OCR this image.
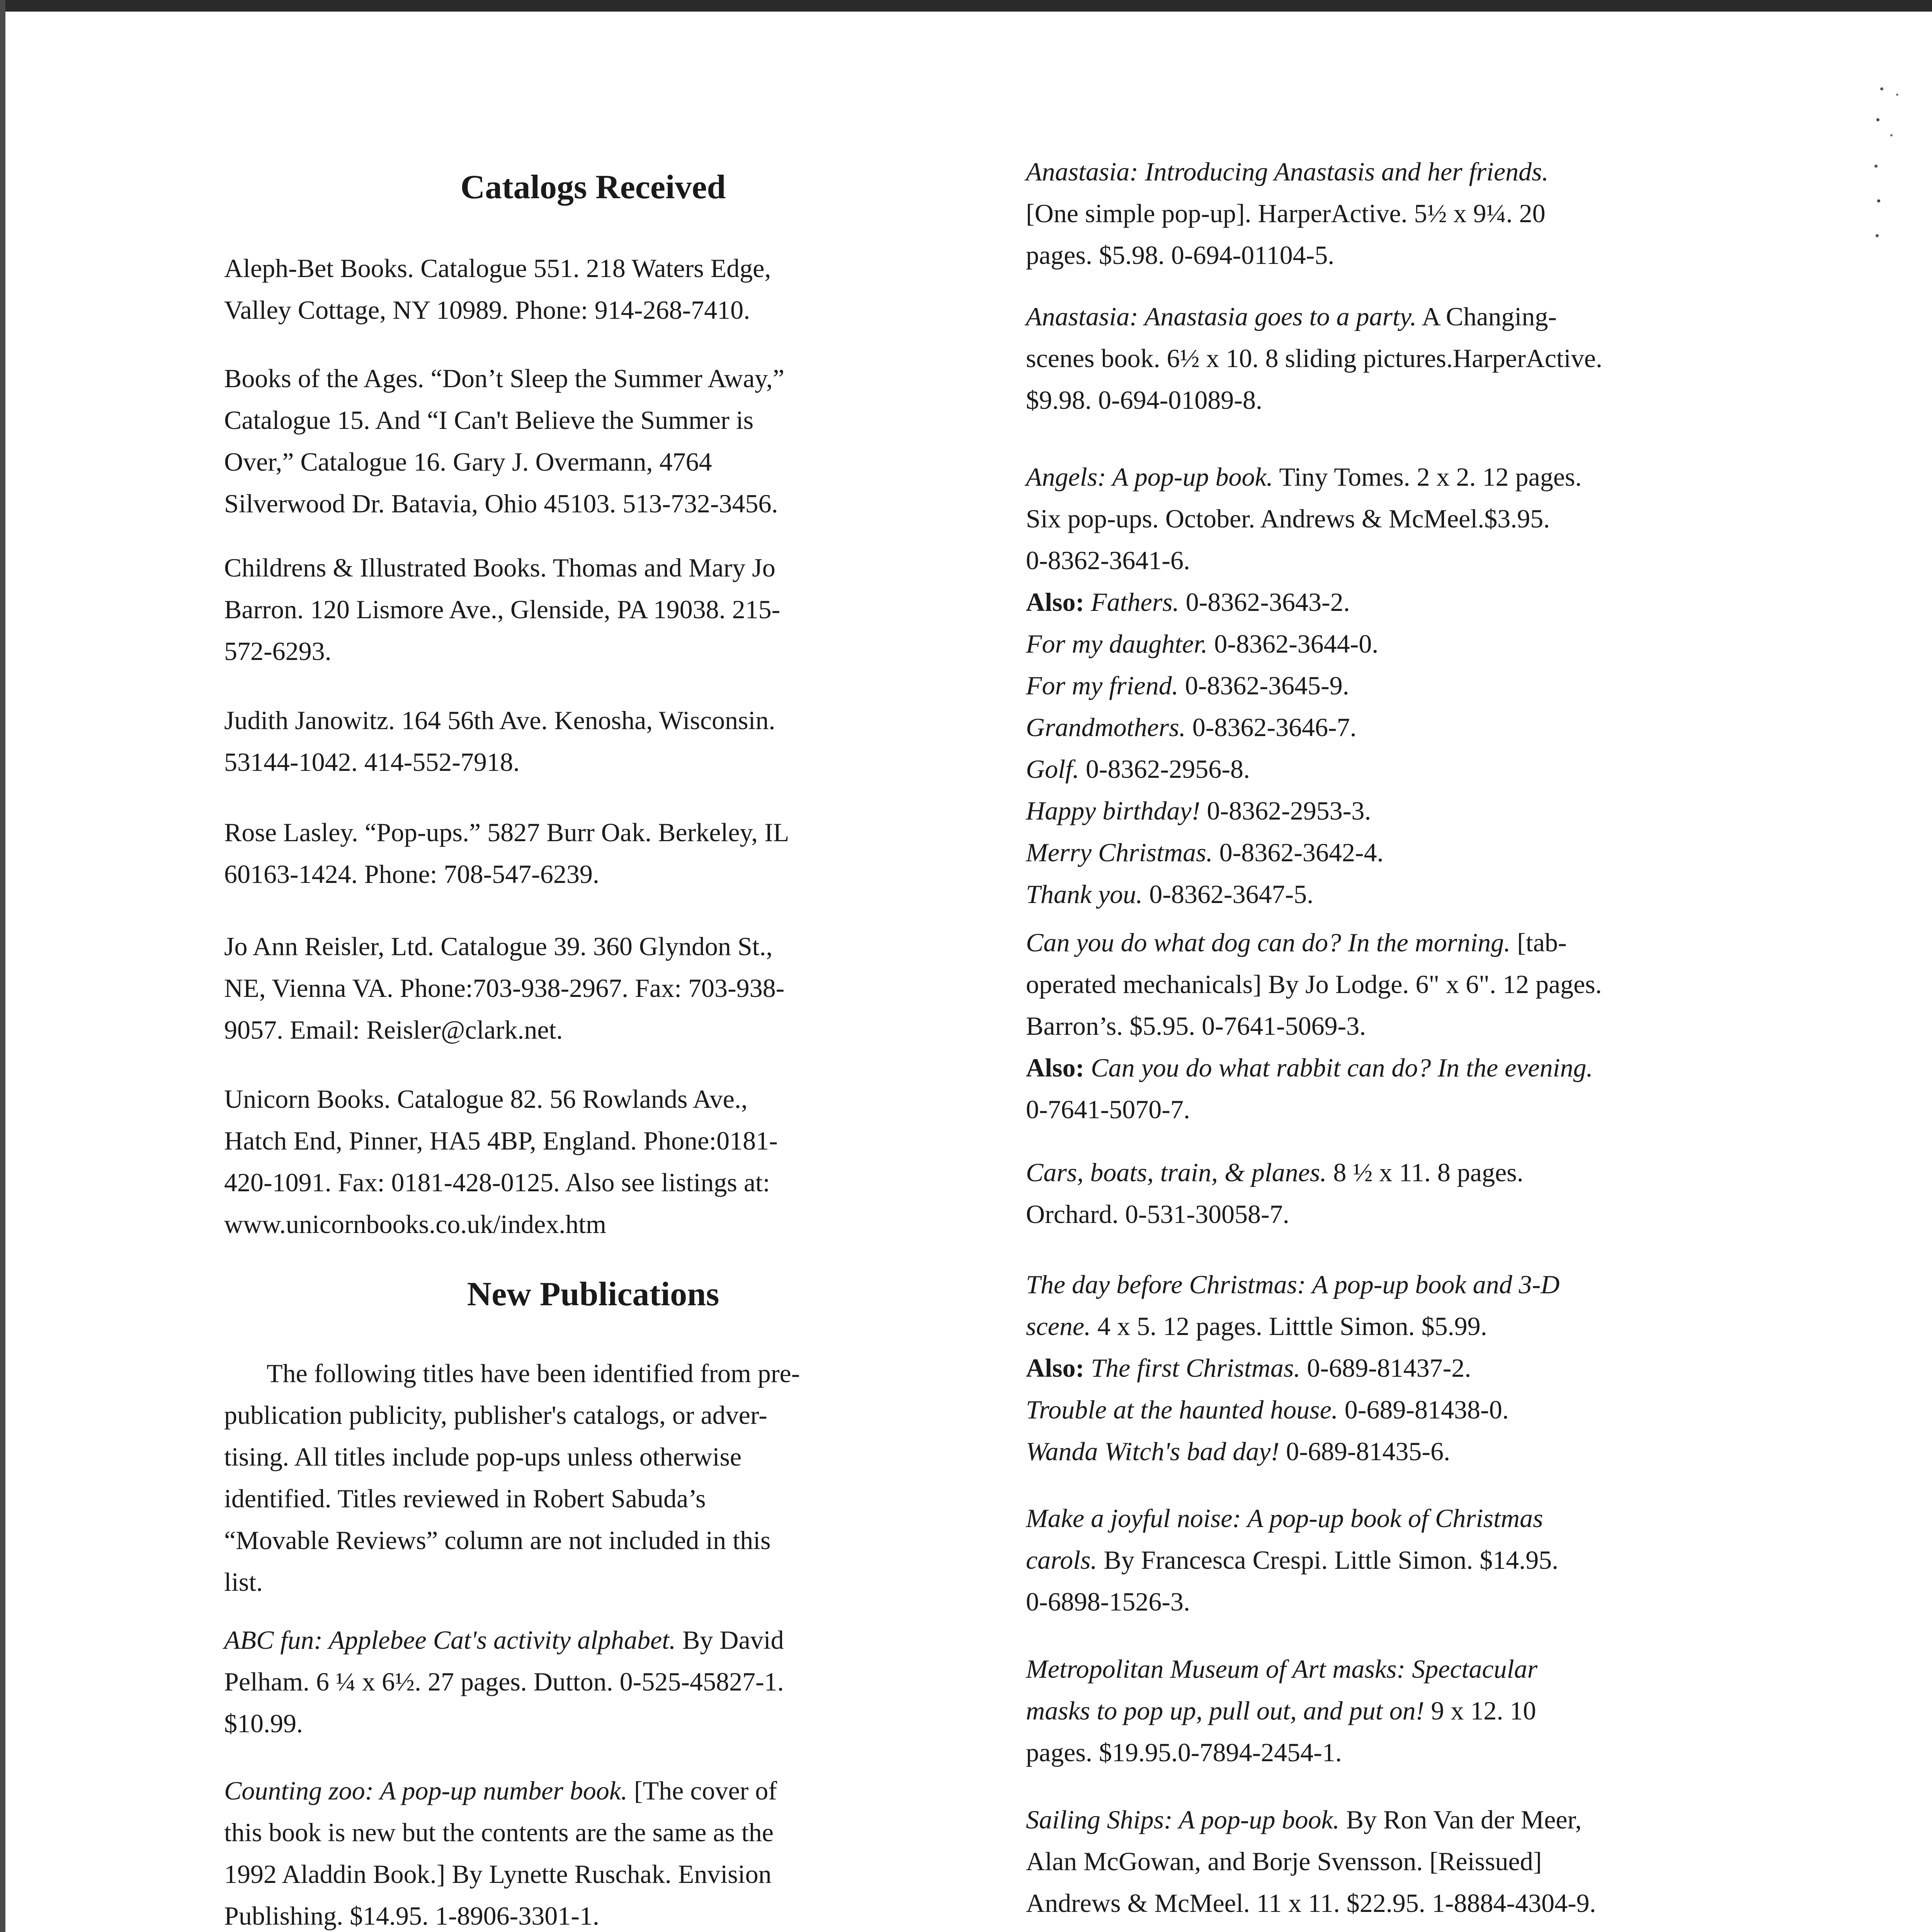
Catalogs Received
Aleph-Bet Books. Catalogue 551. 218 Waters Edge,
Valley Cottage, NY 10989. Phone: 914-268-7410.
Books of the Ages. “Don’t Sleep the Summer Away,”
Catalogue 15. And “I Can't Believe the Summer is
Over,” Catalogue 16. Gary J. Overmann, 4764
Silverwood Dr. Batavia, Ohio 45103. 513-732-3456.
Childrens & Illustrated Books. Thomas and Mary Jo
Barron. 120 Lismore Ave., Glenside, PA 19038. 215-
572-6293.
Judith Janowitz. 164 56th Ave. Kenosha, Wisconsin.
53144-1042. 414-552-7918.
Rose Lasley. “Pop-ups.” 5827 Burr Oak. Berkeley, IL
60163-1424. Phone: 708-547-6239.
Jo Ann Reisler, Ltd. Catalogue 39. 360 Glyndon St.,
NE, Vienna VA. Phone:703-938-2967. Fax: 703-938-
9057. Email: Reisler@clark.net.
Unicorn Books. Catalogue 82. 56 Rowlands Ave.,
Hatch End, Pinner, HA5 4BP, England. Phone:0181-
420-1091. Fax: 0181-428-0125. Also see listings at:
www.unicornbooks.co.uk/index.htm
New Publications
The following titles have been identified from pre-
publication publicity, publisher's catalogs, or adver-
tising. All titles include pop-ups unless otherwise
identified. Titles reviewed in Robert Sabuda’s
“Movable Reviews” column are not included in this
list.
ABC fun: Applebee Cat's activity alphabet. By David
Pelham. 6 ¼ x 6½. 27 pages. Dutton. 0-525-45827-1.
$10.99.
Counting zoo: A pop-up number book. [The cover of
this book is new but the contents are the same as the
1992 Aladdin Book.] By Lynette Ruschak. Envision
Publishing. $14.95. 1-8906-3301-1.
Anastasia: Introducing Anastasis and her friends.
[One simple pop-up]. HarperActive. 5½ x 9¼. 20
pages. $5.98. 0-694-01104-5.
Anastasia: Anastasia goes to a party. A Changing-
scenes book. 6½ x 10. 8 sliding pictures.HarperActive.
$9.98. 0-694-01089-8.
Angels: A pop-up book. Tiny Tomes. 2 x 2. 12 pages.
Six pop-ups. October. Andrews & McMeel.$3.95.
0-8362-3641-6.
Also: Fathers. 0-8362-3643-2.
For my daughter. 0-8362-3644-0.
For my friend. 0-8362-3645-9.
Grandmothers. 0-8362-3646-7.
Golf. 0-8362-2956-8.
Happy birthday! 0-8362-2953-3.
Merry Christmas. 0-8362-3642-4.
Thank you. 0-8362-3647-5.
Can you do what dog can do? In the morning. [tab-
operated mechanicals] By Jo Lodge. 6" x 6". 12 pages.
Barron’s. $5.95. 0-7641-5069-3.
Also: Can you do what rabbit can do? In the evening.
0-7641-5070-7.
Cars, boats, train, & planes. 8 ½ x 11. 8 pages.
Orchard. 0-531-30058-7.
The day before Christmas: A pop-up book and 3-D
scene. 4 x 5. 12 pages. Litttle Simon. $5.99.
Also: The first Christmas. 0-689-81437-2.
Trouble at the haunted house. 0-689-81438-0.
Wanda Witch's bad day! 0-689-81435-6.
Make a joyful noise: A pop-up book of Christmas
carols. By Francesca Crespi. Little Simon. $14.95.
0-6898-1526-3.
Metropolitan Museum of Art masks: Spectacular
masks to pop up, pull out, and put on! 9 x 12. 10
pages. $19.95.0-7894-2454-1.
Sailing Ships: A pop-up book. By Ron Van der Meer,
Alan McGowan, and Borje Svensson. [Reissued]
Andrews & McMeel. 11 x 11. $22.95. 1-8884-4304-9.
